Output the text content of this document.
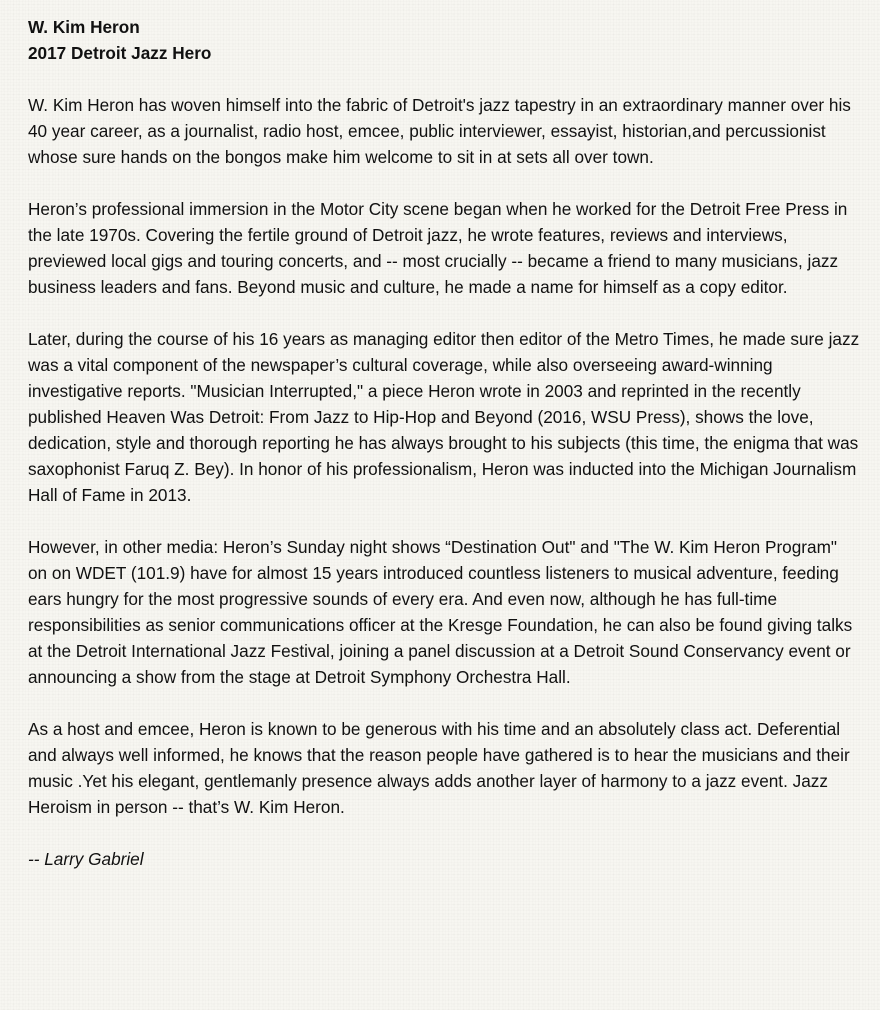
W. Kim Heron
2017 Detroit Jazz Hero

W. Kim Heron has woven himself into the fabric of Detroit's jazz tapestry in an extraordinary manner over his 40 year career, as a journalist, radio host, emcee, public interviewer, essayist, historian,and percussionist whose sure hands on the bongos make him welcome to sit in at sets all over town.

Heron’s professional immersion in the Motor City scene began when he worked for the Detroit Free Press in the late 1970s. Covering the fertile ground of Detroit jazz, he wrote features, reviews and interviews, previewed local gigs and touring concerts, and -- most crucially -- became a friend to many musicians, jazz business leaders and fans. Beyond music and culture, he made a name for himself as a copy editor.

Later, during the course of his 16 years as managing editor then editor of the Metro Times, he made sure jazz was a vital component of the newspaper’s cultural coverage, while also overseeing award-winning investigative reports. "Musician Interrupted," a piece Heron wrote in 2003 and reprinted in the recently published Heaven Was Detroit: From Jazz to Hip-Hop and Beyond (2016, WSU Press), shows the love, dedication, style and thorough reporting he has always brought to his subjects (this time, the enigma that was saxophonist Faruq Z. Bey). In honor of his professionalism, Heron was inducted into the Michigan Journalism Hall of Fame in 2013.

However, in other media: Heron’s Sunday night shows “Destination Out" and "The W. Kim Heron Program" on on WDET (101.9) have for almost 15 years introduced countless listeners to musical adventure, feeding ears hungry for the most progressive sounds of every era. And even now, although he has full-time responsibilities as senior communications officer at the Kresge Foundation, he can also be found giving talks at the Detroit International Jazz Festival, joining a panel discussion at a Detroit Sound Conservancy event or announcing a show from the stage at Detroit Symphony Orchestra Hall.

As a host and emcee, Heron is known to be generous with his time and an absolutely class act. Deferential and always well informed, he knows that the reason people have gathered is to hear the musicians and their music .Yet his elegant, gentlemanly presence always adds another layer of harmony to a jazz event. Jazz Heroism in person -- that’s W. Kim Heron.

-- Larry Gabriel
